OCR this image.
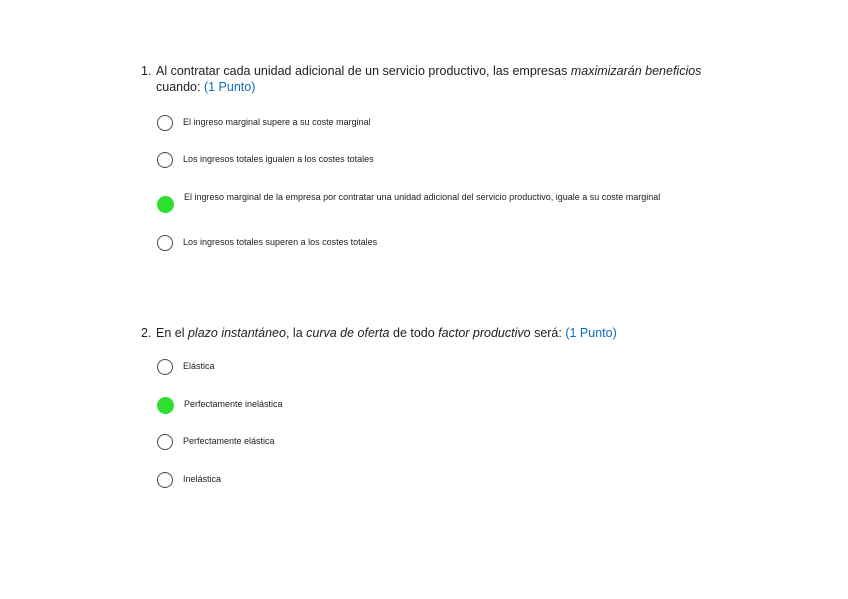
1. Al contratar cada unidad adicional de un servicio productivo, las empresas maximizarán beneficios cuando: (1 Punto)
El ingreso marginal supere a su coste marginal
Los ingresos totales igualen a los costes totales
El ingreso marginal de la empresa por contratar una unidad adicional del servicio productivo, iguale a su coste marginal
Los ingresos totales superen a los costes totales
2. En el plazo instantáneo, la curva de oferta de todo factor productivo será: (1 Punto)
Elástica
Perfectamente inelástica
Perfectamente elástica
Inelástica
